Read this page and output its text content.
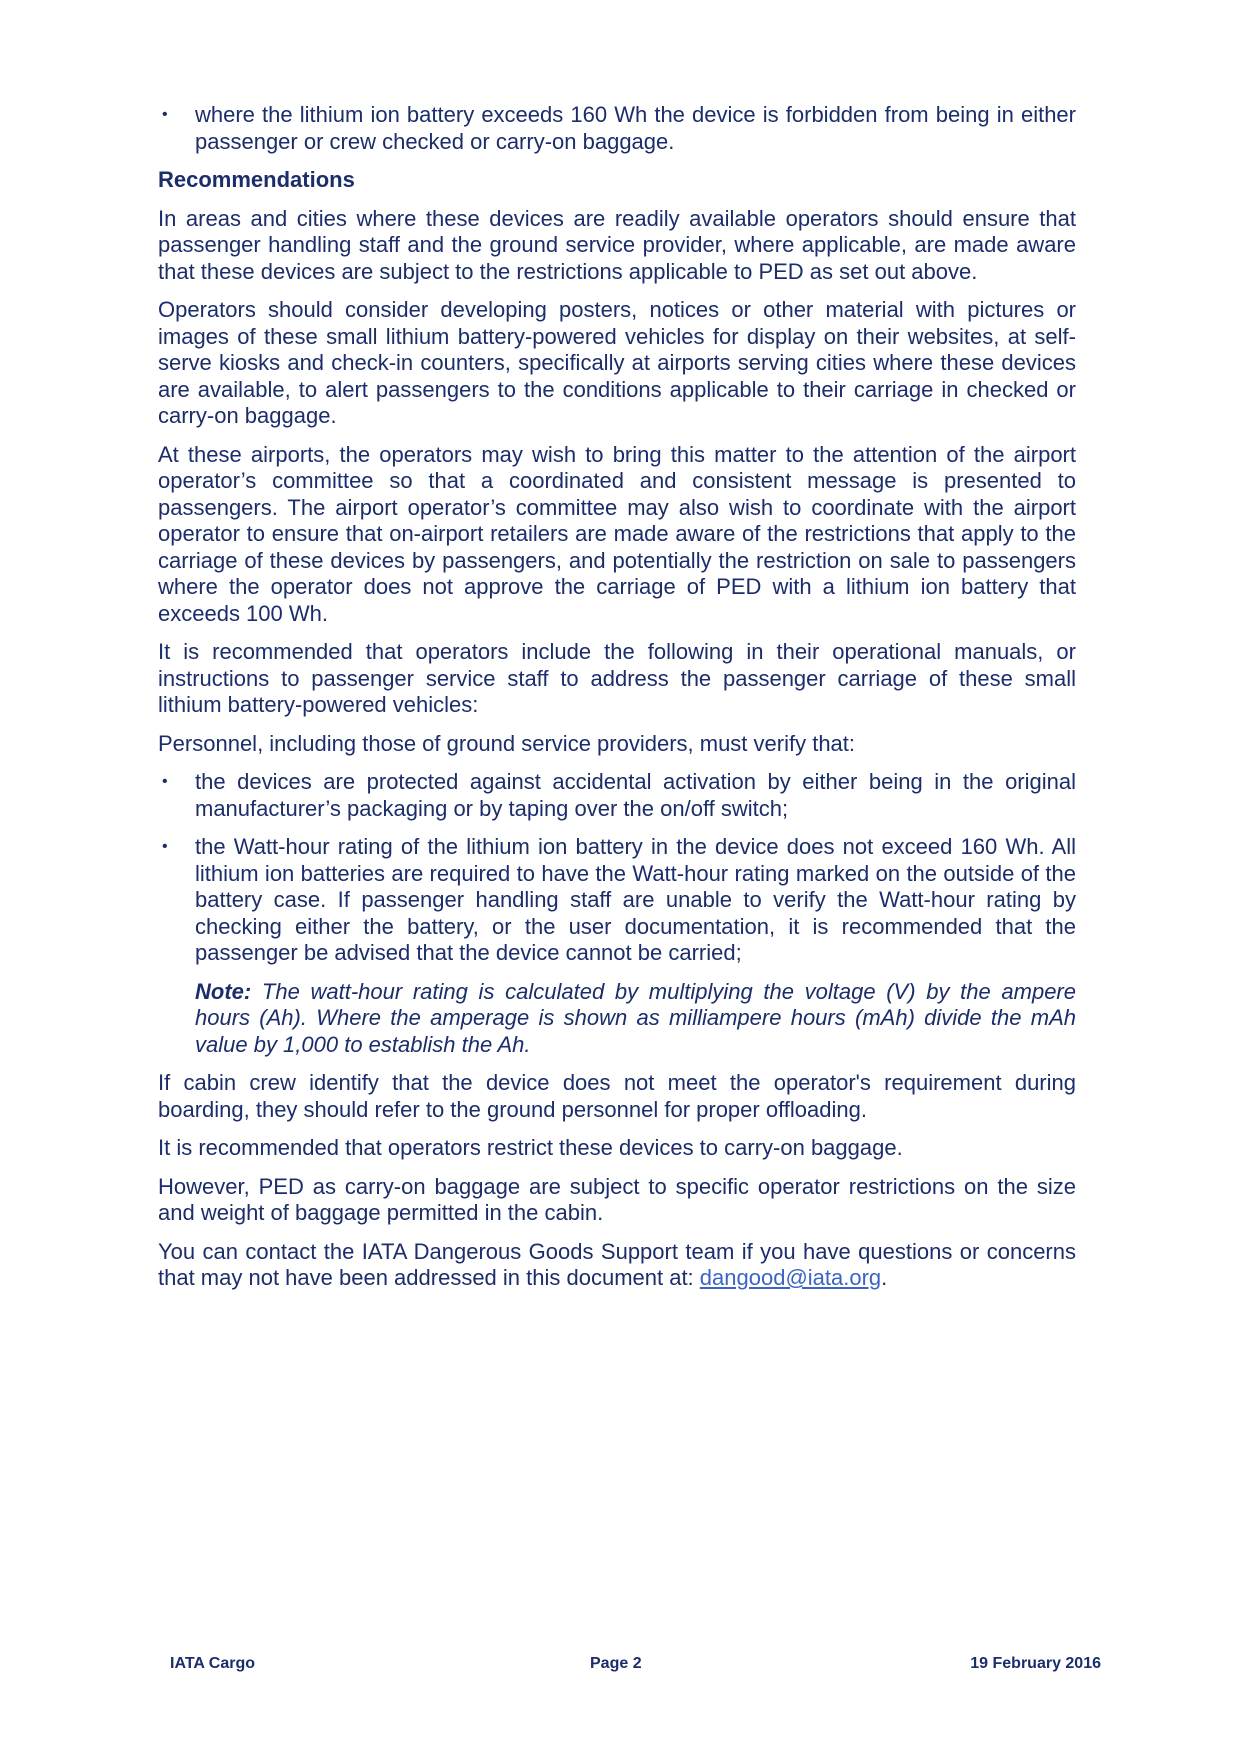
• where the lithium ion battery exceeds 160 Wh the device is forbidden from being in either passenger or crew checked or carry-on baggage.
Recommendations

In areas and cities where these devices are readily available operators should ensure that passenger handling staff and the ground service provider, where applicable, are made aware that these devices are subject to the restrictions applicable to PED as set out above.

Operators should consider developing posters, notices or other material with pictures or images of these small lithium battery-powered vehicles for display on their websites, at self-serve kiosks and check-in counters, specifically at airports serving cities where these devices are available, to alert passengers to the conditions applicable to their carriage in checked or carry-on baggage.

At these airports, the operators may wish to bring this matter to the attention of the airport operator’s committee so that a coordinated and consistent message is presented to passengers. The airport operator’s committee may also wish to coordinate with the airport operator to ensure that on-airport retailers are made aware of the restrictions that apply to the carriage of these devices by passengers, and potentially the restriction on sale to passengers where the operator does not approve the carriage of PED with a lithium ion battery that exceeds 100 Wh.

It is recommended that operators include the following in their operational manuals, or instructions to passenger service staff to address the passenger carriage of these small lithium battery-powered vehicles:

Personnel, including those of ground service providers, must verify that:

• the devices are protected against accidental activation by either being in the original manufacturer’s packaging or by taping over the on/off switch;
• the Watt-hour rating of the lithium ion battery in the device does not exceed 160 Wh. All lithium ion batteries are required to have the Watt-hour rating marked on the outside of the battery case. If passenger handling staff are unable to verify the Watt-hour rating by checking either the battery, or the user documentation, it is recommended that the passenger be advised that the device cannot be carried;

Note: The watt-hour rating is calculated by multiplying the voltage (V) by the ampere hours (Ah). Where the amperage is shown as milliampere hours (mAh) divide the mAh value by 1,000 to establish the Ah.

If cabin crew identify that the device does not meet the operator's requirement during boarding, they should refer to the ground personnel for proper offloading.

It is recommended that operators restrict these devices to carry-on baggage.

However, PED as carry-on baggage are subject to specific operator restrictions on the size and weight of baggage permitted in the cabin.

You can contact the IATA Dangerous Goods Support team if you have questions or concerns that may not have been addressed in this document at: dangood@iata.org.

IATA Cargo	Page 2	19 February 2016
